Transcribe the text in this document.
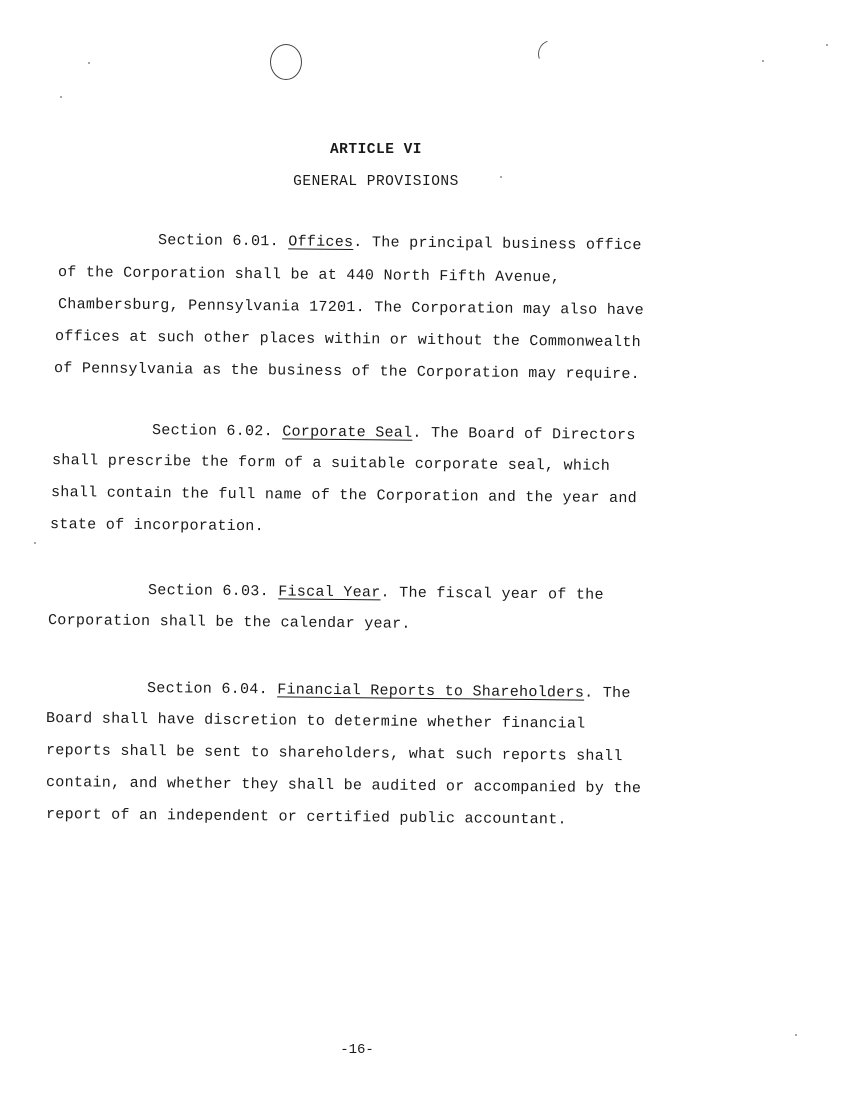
ARTICLE VI
GENERAL PROVISIONS
Section 6.01. Offices. The principal business office
of the Corporation shall be at 440 North Fifth Avenue,
Chambersburg, Pennsylvania 17201. The Corporation may also have
offices at such other places within or without the Commonwealth
of Pennsylvania as the business of the Corporation may require.
Section 6.02. Corporate Seal. The Board of Directors
shall prescribe the form of a suitable corporate seal, which
shall contain the full name of the Corporation and the year and
state of incorporation.
Section 6.03. Fiscal Year. The fiscal year of the
Corporation shall be the calendar year.
Section 6.04. Financial Reports to Shareholders. The
Board shall have discretion to determine whether financial
reports shall be sent to shareholders, what such reports shall
contain, and whether they shall be audited or accompanied by the
report of an independent or certified public accountant.
-16-
